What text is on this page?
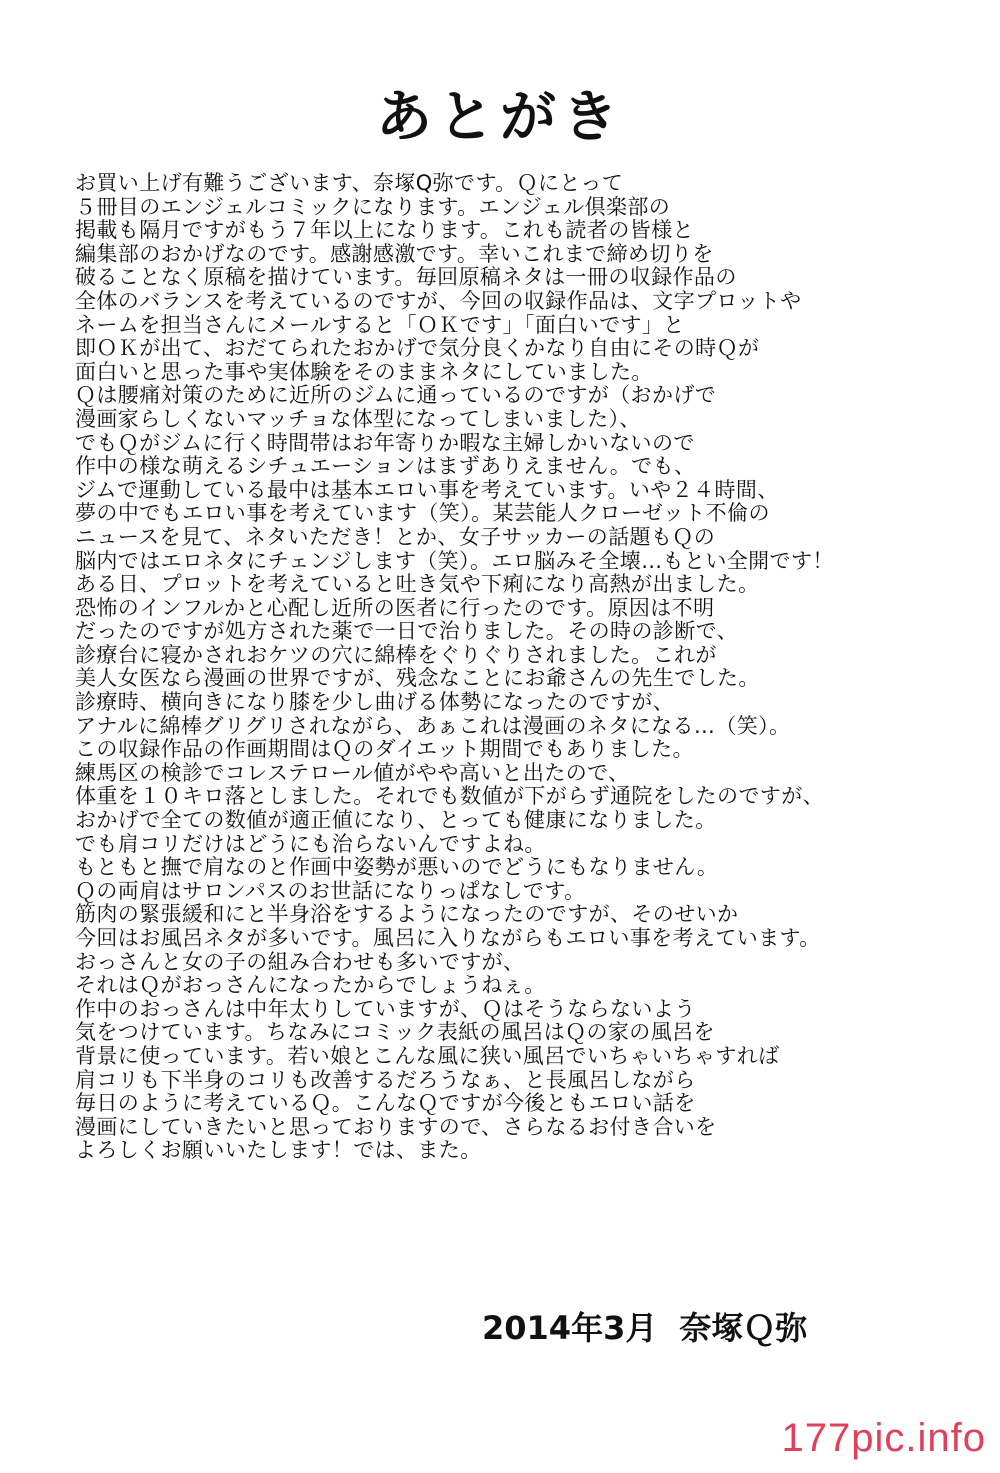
あとがき
お買い上げ有難うございます、奈塚Q弥です。Ｑにとって
５冊目のエンジェルコミックになります。エンジェル倶楽部の
掲載も隔月ですがもう７年以上になります。これも読者の皆様と
編集部のおかげなのです。感謝感激です。幸いこれまで締め切りを
破ることなく原稿を描けています。毎回原稿ネタは一冊の収録作品の
全体のバランスを考えているのですが、今回の収録作品は、文字プロットや
ネームを担当さんにメールすると「ＯＫです」「面白いです」と
即ＯＫが出て、おだてられたおかげで気分良くかなり自由にその時Ｑが
面白いと思った事や実体験をそのままネタにしていました。
Ｑは腰痛対策のために近所のジムに通っているのですが（おかげで
漫画家らしくないマッチョな体型になってしまいました）、
でもＱがジムに行く時間帯はお年寄りか暇な主婦しかいないので
作中の様な萌えるシチュエーションはまずありえません。でも、
ジムで運動している最中は基本エロい事を考えています。いや２４時間、
夢の中でもエロい事を考えています（笑）。某芸能人クローゼット不倫の
ニュースを見て、ネタいただき！とか、女子サッカーの話題もＱの
脳内ではエロネタにチェンジします（笑）。エロ脳みそ全壊…もとい全開です！
ある日、プロットを考えていると吐き気や下痢になり高熱が出ました。
恐怖のインフルかと心配し近所の医者に行ったのです。原因は不明
だったのですが処方された薬で一日で治りました。その時の診断で、
診療台に寝かされおケツの穴に綿棒をぐりぐりされました。これが
美人女医なら漫画の世界ですが、残念なことにお爺さんの先生でした。
診療時、横向きになり膝を少し曲げる体勢になったのですが、
アナルに綿棒グリグリされながら、あぁこれは漫画のネタになる…（笑）。
この収録作品の作画期間はＱのダイエット期間でもありました。
練馬区の検診でコレステロール値がやや高いと出たので、
体重を１０キロ落としました。それでも数値が下がらず通院をしたのですが、
おかげで全ての数値が適正値になり、とっても健康になりました。
でも肩コリだけはどうにも治らないんですよね。
もともと撫で肩なのと作画中姿勢が悪いのでどうにもなりません。
Ｑの両肩はサロンパスのお世話になりっぱなしです。
筋肉の緊張緩和にと半身浴をするようになったのですが、そのせいか
今回はお風呂ネタが多いです。風呂に入りながらもエロい事を考えています。
おっさんと女の子の組み合わせも多いですが、
それはＱがおっさんになったからでしょうねぇ。
作中のおっさんは中年太りしていますが、Ｑはそうならないよう
気をつけています。ちなみにコミック表紙の風呂はＱの家の風呂を
背景に使っています。若い娘とこんな風に狭い風呂でいちゃいちゃすれば
肩コリも下半身のコリも改善するだろうなぁ、と長風呂しながら
毎日のように考えているＱ。こんなＱですが今後ともエロい話を
漫画にしていきたいと思っておりますので、さらなるお付き合いを
よろしくお願いいたします！では、また。
2014年3月 奈塚Ｑ弥
177pic.info
